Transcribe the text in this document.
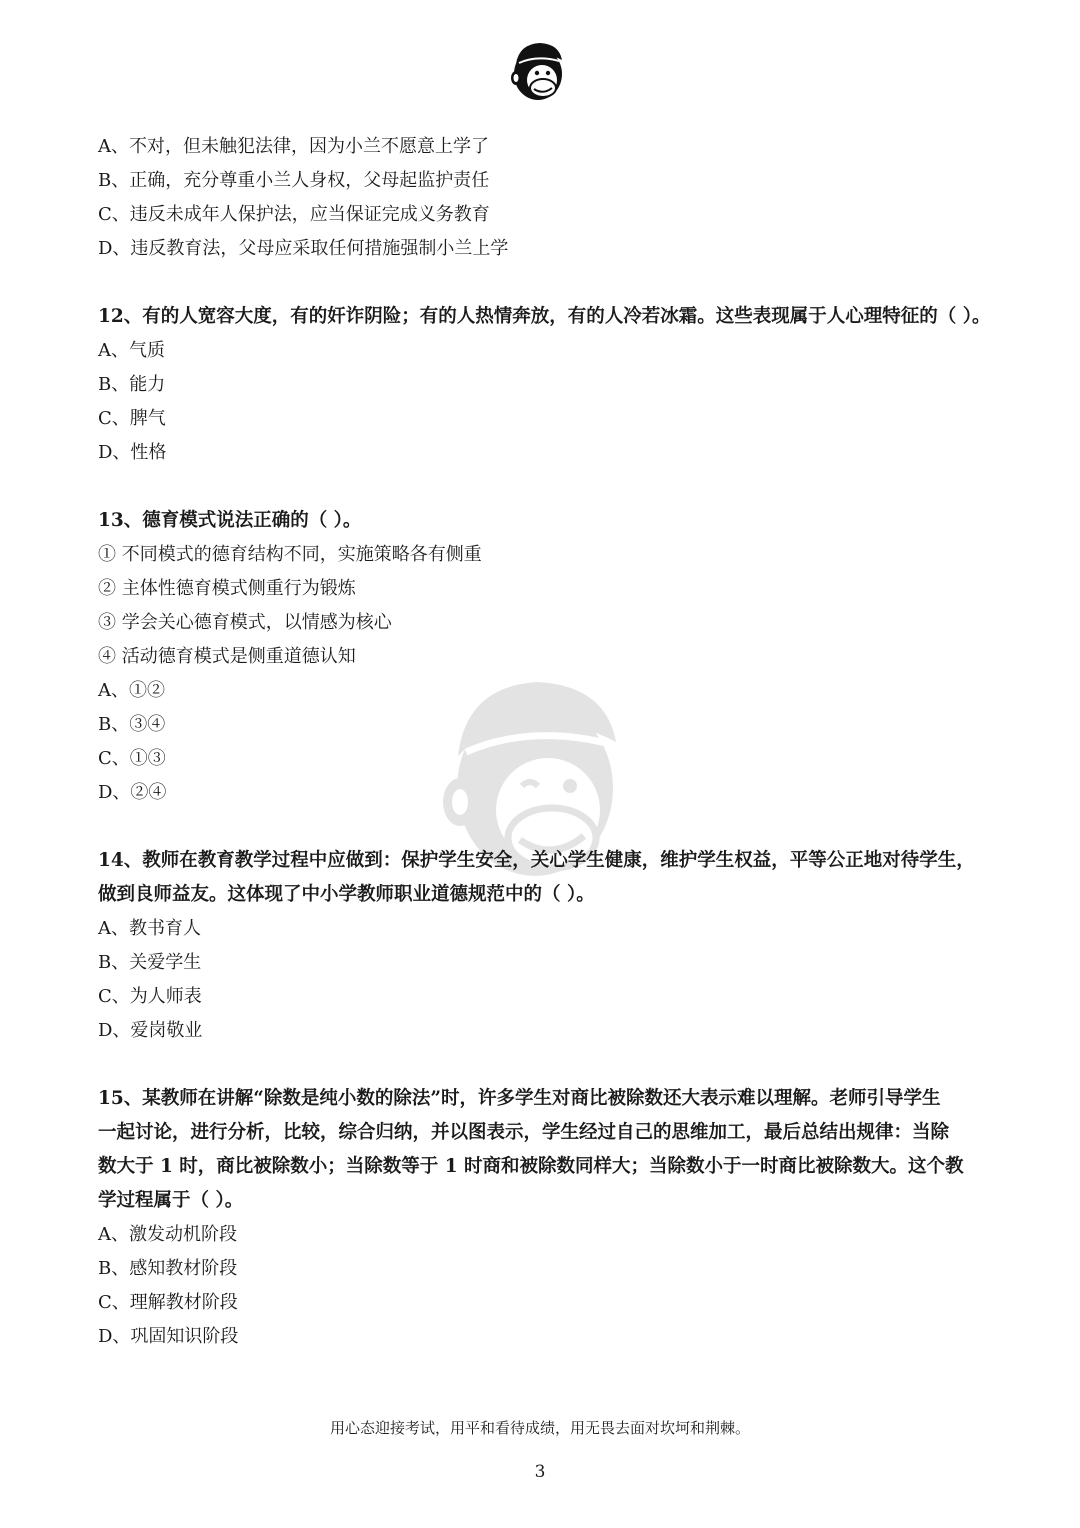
A、不对，但未触犯法律，因为小兰不愿意上学了
B、正确，充分尊重小兰人身权，父母起监护责任
C、违反未成年人保护法，应当保证完成义务教育
D、违反教育法，父母应采取任何措施强制小兰上学
12、有的人宽容大度，有的奸诈阴险；有的人热情奔放，有的人冷若冰霜。这些表现属于人心理特征的（ ）。
A、气质
B、能力
C、脾气
D、性格
13、德育模式说法正确的（ ）。
① 不同模式的德育结构不同，实施策略各有侧重
② 主体性德育模式侧重行为锻炼
③ 学会关心德育模式，以情感为核心
④ 活动德育模式是侧重道德认知
A、①②
B、③④
C、①③
D、②④
14、教师在教育教学过程中应做到：保护学生安全，关心学生健康，维护学生权益，平等公正地对待学生，
做到良师益友。这体现了中小学教师职业道德规范中的（ ）。
A、教书育人
B、关爱学生
C、为人师表
D、爱岗敬业
15、某教师在讲解“除数是纯小数的除法”时，许多学生对商比被除数还大表示难以理解。老师引导学生
一起讨论，进行分析，比较，综合归纳，并以图表示，学生经过自己的思维加工，最后总结出规律：当除
数大于 1 时，商比被除数小；当除数等于 1 时商和被除数同样大；当除数小于一时商比被除数大。这个教
学过程属于（ ）。
A、激发动机阶段
B、感知教材阶段
C、理解教材阶段
D、巩固知识阶段
用心态迎接考试，用平和看待成绩，用无畏去面对坎坷和荆棘。
3
